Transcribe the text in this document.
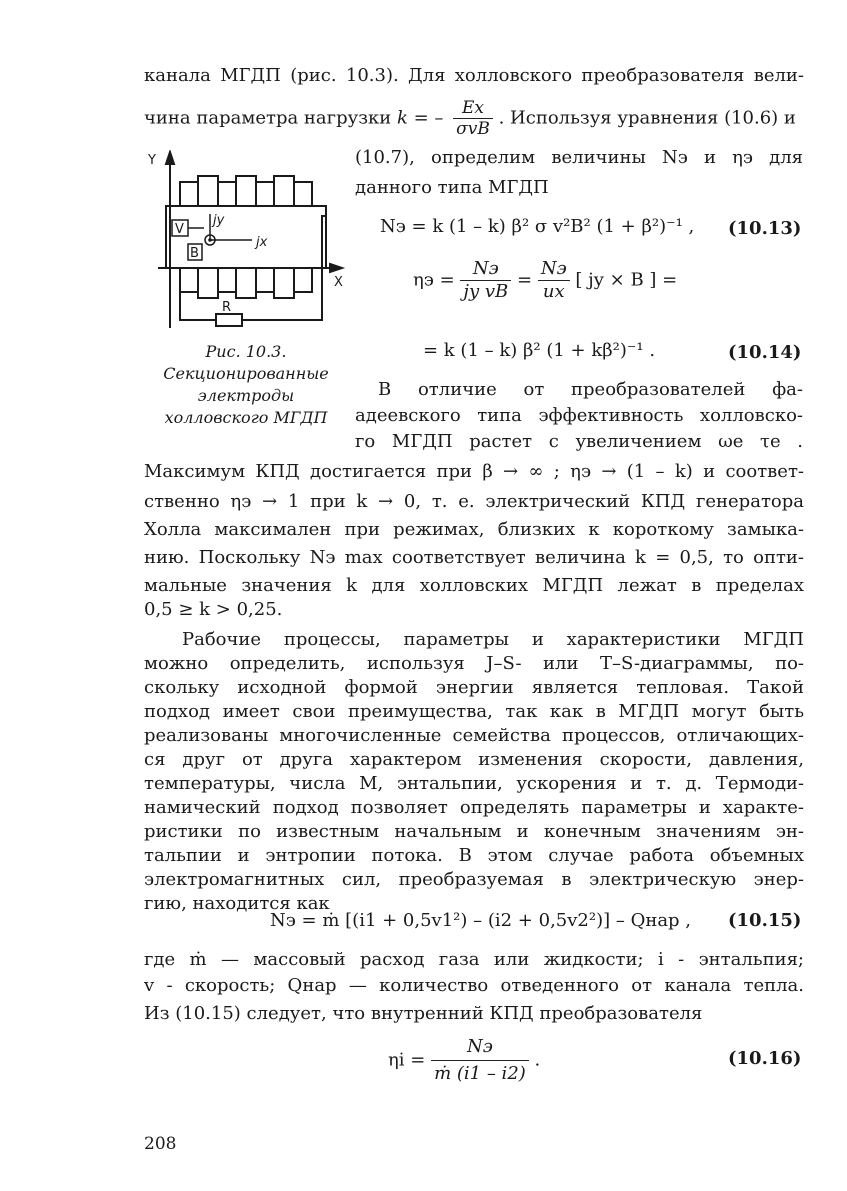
канала МГДП (рис. 10.3). Для холловского преобразователя вели-
чина параметра нагрузки k = – $\frac{Ex}{\text{σvB}}$ . Используя уравнения (10.6) и
Y
X
V
jy
jx
B
R
Рис. 10.3.
Секционированные
электроды
холловского МГДП
(10.7), определим величины Nэ и ηэ для
данного типа МГДП
Nэ = k (1 – k) β² σ v²B² (1 + β²)⁻¹ , (10.13)
$\eta э = \frac{Nэ}{\text{jy vB}} = \frac{Nэ}{ux}$ [ jy × B ] =
= k (1 – k) β² (1 + kβ²)⁻¹ .	(10.14)
В отличие от преобразователей фа-
адеевского типа эффективность холловско-
го МГДП растет с увеличением ωe τe .
Максимум КПД достигается при β → ∞ ; ηэ → (1 – k) и соответ-
ственно ηэ → 1 при k → 0, т. е. электрический КПД генератора
Холла максимален при режимах, близких к короткому замыка-
нию. Поскольку Nэ max соответствует величина k = 0,5, то опти-
мальные значения k для холловских МГДП лежат в пределах
0,5 ≥ k > 0,25.
Рабочие процессы, параметры и характеристики МГДП
можно определить, используя J–S- или T–S-диаграммы, по-
скольку исходной формой энергии является тепловая. Такой
подход имеет свои преимущества, так как в МГДП могут быть
реализованы многочисленные семейства процессов, отличающих-
ся друг от друга характером изменения скорости, давления,
температуры, числа М, энтальпии, ускорения и т. д. Термоди-
намический подход позволяет определять параметры и характе-
ристики по известным начальным и конечным значениям эн-
тальпии и энтропии потока. В этом случае работа объемных
электромагнитных сил, преобразуемая в электрическую энер-
гию, находится как
Nэ = ṁ [(i1 + 0,5v1²) – (i2 + 0,5v2²)] – Qнар , (10.15)
где ṁ — массовый расход газа или жидкости; i - энтальпия;
v - скорость; Qнар — количество отведенного от канала тепла.
Из (10.15) следует, что внутренний КПД преобразователя
$\eta i = \frac{Nэ}{\text{ṁ (i1 – i2)}}$ .	(10.16)
208
